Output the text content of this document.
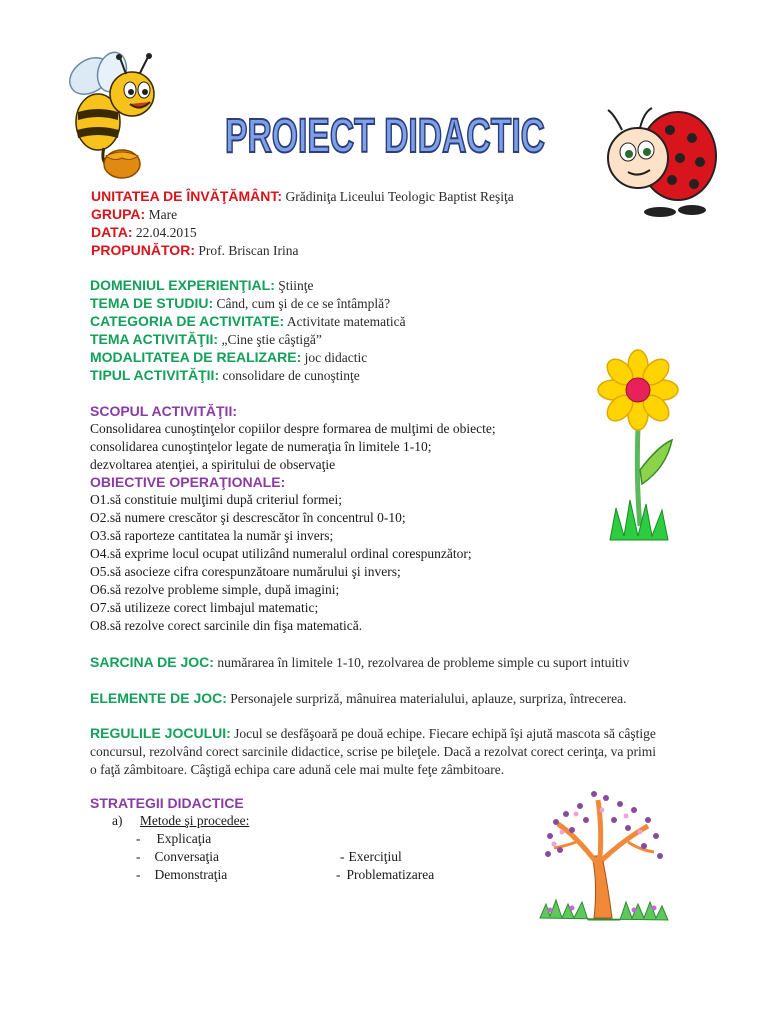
PROIECT DIDACTIC
UNITATEA DE ÎNVĂŢĂMÂNT: Grădiniţa Liceului Teologic Baptist Reşiţa
GRUPA: Mare
DATA: 22.04.2015
PROPUNĂTOR: Prof. Briscan Irina
DOMENIUL EXPERIENŢIAL: Ştiinţe
TEMA DE STUDIU: Când, cum şi de ce se întâmplă?
CATEGORIA DE ACTIVITATE: Activitate matematică
TEMA ACTIVITĂŢII: „Cine ştie câştigă”
MODALITATEA DE REALIZARE: joc didactic
TIPUL ACTIVITĂŢII: consolidare de cunoştinţe
SCOPUL ACTIVITĂŢII:
Consolidarea cunoştinţelor copiilor despre formarea de mulţimi de obiecte;
consolidarea cunoştinţelor legate de numeraţia în limitele 1-10;
dezvoltarea atenţiei, a spiritului de observaţie
OBIECTIVE OPERAŢIONALE:
O1.să constituie mulţimi după criteriul formei;
O2.să numere crescător şi descrescător în concentrul 0-10;
O3.să raporteze cantitatea la număr şi invers;
O4.să exprime locul ocupat utilizând numeralul ordinal corespunzător;
O5.să asocieze cifra corespunzătoare numărului şi invers;
O6.să rezolve probleme simple, după imagini;
O7.să utilizeze corect limbajul matematic;
O8.să rezolve corect sarcinile din fişa matematică.
SARCINA DE JOC: numărarea în limitele 1-10, rezolvarea de probleme simple cu suport intuitiv
ELEMENTE DE JOC: Personajele surpriză, mânuirea materialului, aplauze, surpriza, întrecerea.
REGULILE JOCULUI: Jocul se desfăşoară pe două echipe. Fiecare echipă îşi ajută mascota să câştige concursul, rezolvând corect sarcinile didactice, scrise pe bileţele. Dacă a rezolvat corect cerinţa, va primi o faţă zâmbitoare. Câştigă echipa care adună cele mai multe feţe zâmbitoare.
STRATEGII DIDACTICE
a) Metode şi procedee:
- Explicaţia
- Conversaţia
- Demonstraţia
- Exerciţiul
- Problematizarea
